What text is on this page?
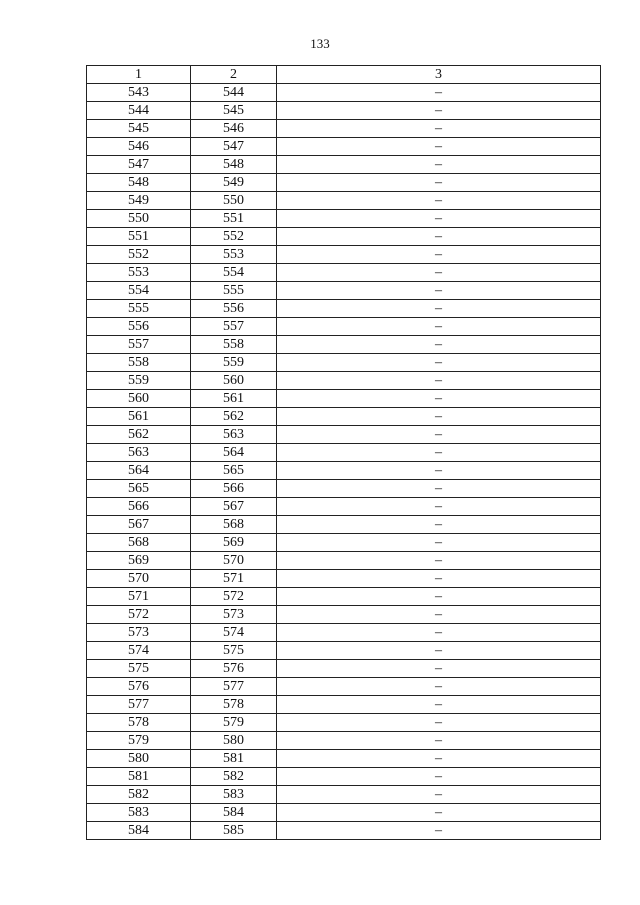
133
1	2	3
543	544	–
544	545	–
545	546	–
546	547	–
547	548	–
548	549	–
549	550	–
550	551	–
551	552	–
552	553	–
553	554	–
554	555	–
555	556	–
556	557	–
557	558	–
558	559	–
559	560	–
560	561	–
561	562	–
562	563	–
563	564	–
564	565	–
565	566	–
566	567	–
567	568	–
568	569	–
569	570	–
570	571	–
571	572	–
572	573	–
573	574	–
574	575	–
575	576	–
576	577	–
577	578	–
578	579	–
579	580	–
580	581	–
581	582	–
582	583	–
583	584	–
584	585	–
